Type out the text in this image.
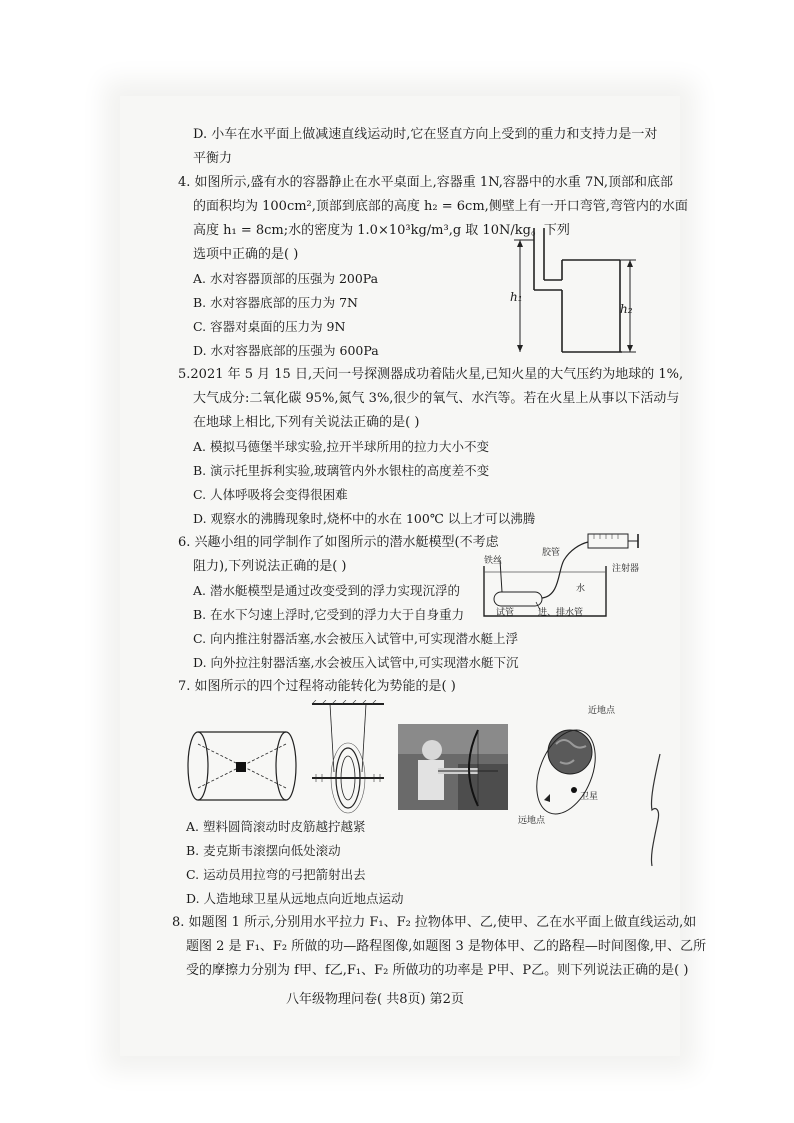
D. 小车在水平面上做减速直线运动时,它在竖直方向上受到的重力和支持力是一对
平衡力
4. 如图所示,盛有水的容器静止在水平桌面上,容器重 1N,容器中的水重 7N,顶部和底部
的面积均为 100cm²,顶部到底部的高度 h₂ = 6cm,侧壁上有一开口弯管,弯管内的水面
高度 h₁ = 8cm;水的密度为 1.0×10³kg/m³,g 取 10N/kg。下列
选项中正确的是( )
A. 水对容器顶部的压强为 200Pa
B. 水对容器底部的压力为 7N
C. 容器对桌面的压力为 9N
D. 水对容器底部的压强为 600Pa
h₁
h₂
5.2021 年 5 月 15 日,天问一号探测器成功着陆火星,已知火星的大气压约为地球的 1%,
大气成分:二氧化碳 95%,氮气 3%,很少的氧气、水汽等。若在火星上从事以下活动与
在地球上相比,下列有关说法正确的是( )
A. 模拟马德堡半球实验,拉开半球所用的拉力大小不变
B. 演示托里拆利实验,玻璃管内外水银柱的高度差不变
C. 人体呼吸将会变得很困难
D. 观察水的沸腾现象时,烧杯中的水在 100℃ 以上才可以沸腾
6. 兴趣小组的同学制作了如图所示的潜水艇模型(不考虑
阻力),下列说法正确的是( )
A. 潜水艇模型是通过改变受到的浮力实现沉浮的
B. 在水下匀速上浮时,它受到的浮力大于自身重力
C. 向内推注射器活塞,水会被压入试管中,可实现潜水艇上浮
D. 向外拉注射器活塞,水会被压入试管中,可实现潜水艇下沉
铁丝
胶管
水
注射器
试管	进、排水管
7. 如图所示的四个过程将动能转化为势能的是( )
近地点
卫星
远地点
A. 塑料圆筒滚动时皮筋越拧越紧
B. 麦克斯韦滚摆向低处滚动
C. 运动员用拉弯的弓把箭射出去
D. 人造地球卫星从远地点向近地点运动
8. 如题图 1 所示,分别用水平拉力 F₁、F₂ 拉物体甲、乙,使甲、乙在水平面上做直线运动,如
题图 2 是 F₁、F₂ 所做的功—路程图像,如题图 3 是物体甲、乙的路程—时间图像,甲、乙所
受的摩擦力分别为 f甲、f乙,F₁、F₂ 所做功的功率是 P甲、P乙。则下列说法正确的是( )
八年级物理问卷( 共8页) 第2页
